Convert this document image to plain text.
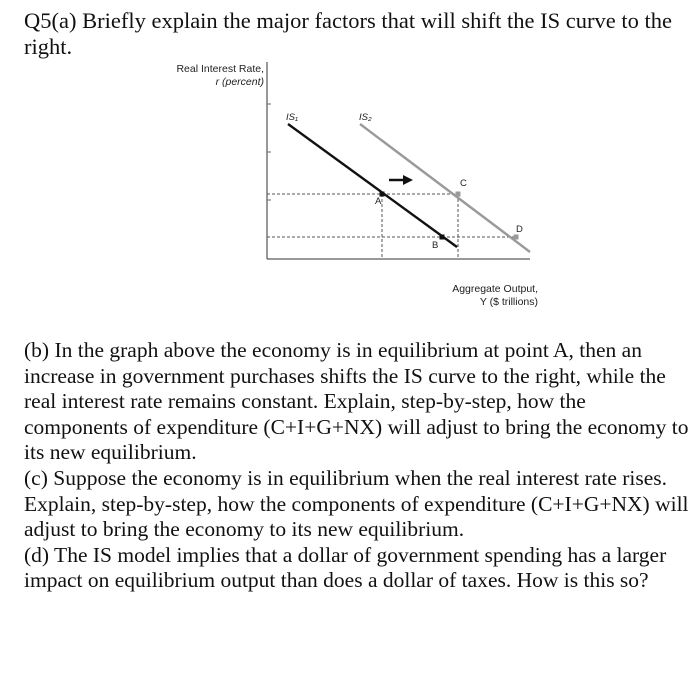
Q5(a) Briefly explain the major factors that will shift the IS curve to the right.

Real Interest Rate,
r (percent)
IS₁	IS₂
A
B
C
D
Aggregate Output,
Y ($ trillions)

(b) In the graph above the economy is in equilibrium at point A, then an increase in government purchases shifts the IS curve to the right, while the real interest rate remains constant. Explain, step-by-step, how the components of expenditure (C+I+G+NX) will adjust to bring the economy to its new equilibrium.

(c) Suppose the economy is in equilibrium when the real interest rate rises. Explain, step-by-step, how the components of expenditure (C+I+G+NX) will adjust to bring the economy to its new equilibrium.

(d) The IS model implies that a dollar of government spending has a larger impact on equilibrium output than does a dollar of taxes. How is this so?
